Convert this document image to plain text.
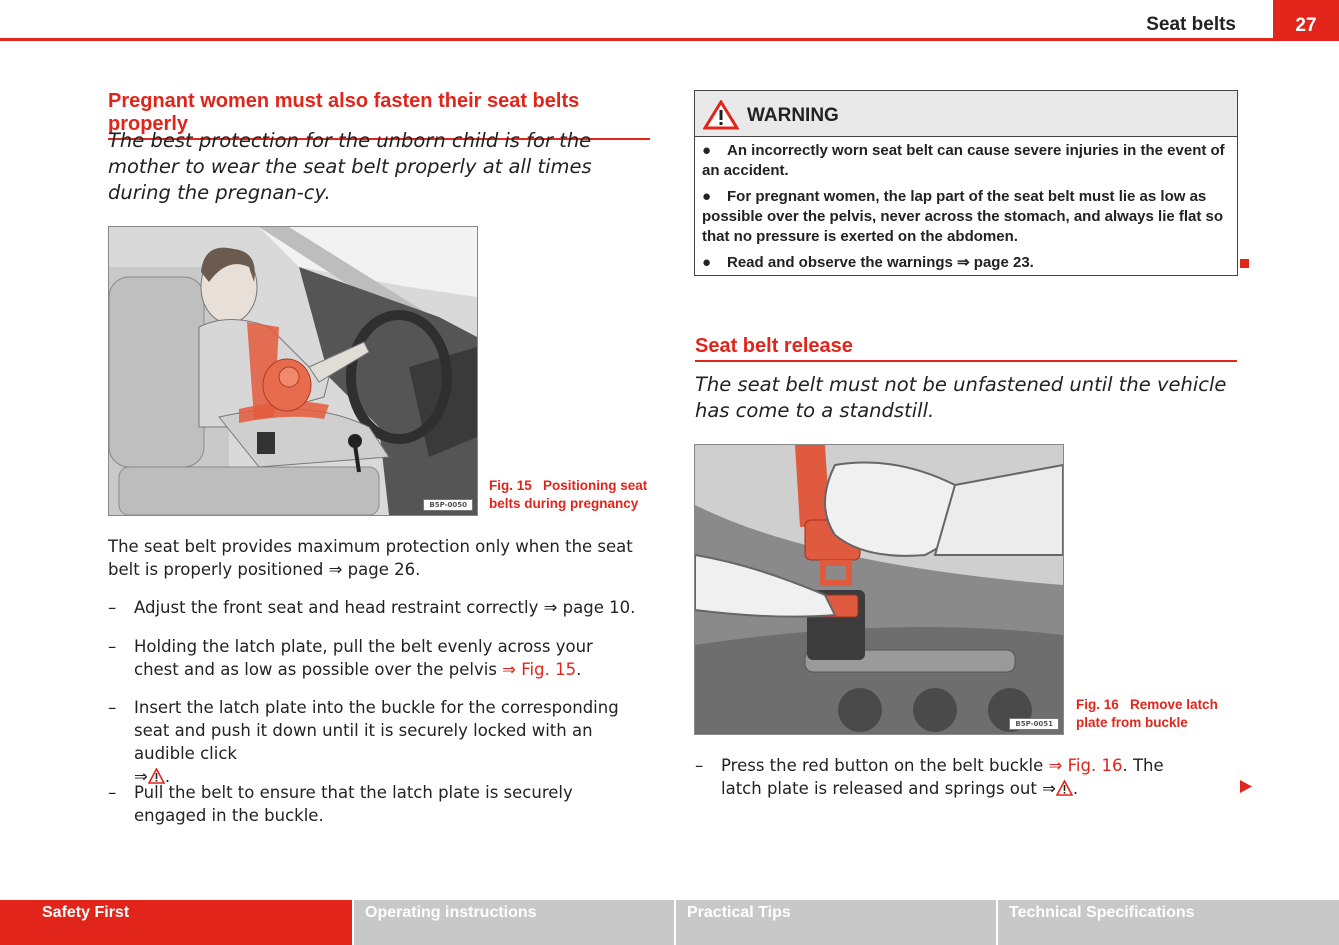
Seat belts	27
Pregnant women must also fasten their seat belts properly
The best protection for the unborn child is for the mother to wear the seat belt properly at all times during the pregnan-cy.
B5P-0050
Fig. 15 Positioning seat belts during pregnancy
The seat belt provides maximum protection only when the seat belt is properly positioned ⇒ page 26.
– Adjust the front seat and head restraint correctly ⇒ page 10.
– Holding the latch plate, pull the belt evenly across your chest and as low as possible over the pelvis ⇒ Fig. 15.
– Insert the latch plate into the buckle for the corresponding seat and push it down until it is securely locked with an audible click
⇒ .
– Pull the belt to ensure that the latch plate is securely engaged in the buckle.
WARNING
● An incorrectly worn seat belt can cause severe injuries in the event of an accident.
● For pregnant women, the lap part of the seat belt must lie as low as possible over the pelvis, never across the stomach, and always lie flat so that no pressure is exerted on the abdomen.
● Read and observe the warnings ⇒ page 23.
Seat belt release
The seat belt must not be unfastened until the vehicle has come to a standstill.
B5P-0051
Fig. 16 Remove latch plate from buckle
– Press the red button on the belt buckle ⇒ Fig. 16. The latch plate is released and springs out ⇒ .
Safety First	Operating instructions	Practical Tips	Technical Specifications
